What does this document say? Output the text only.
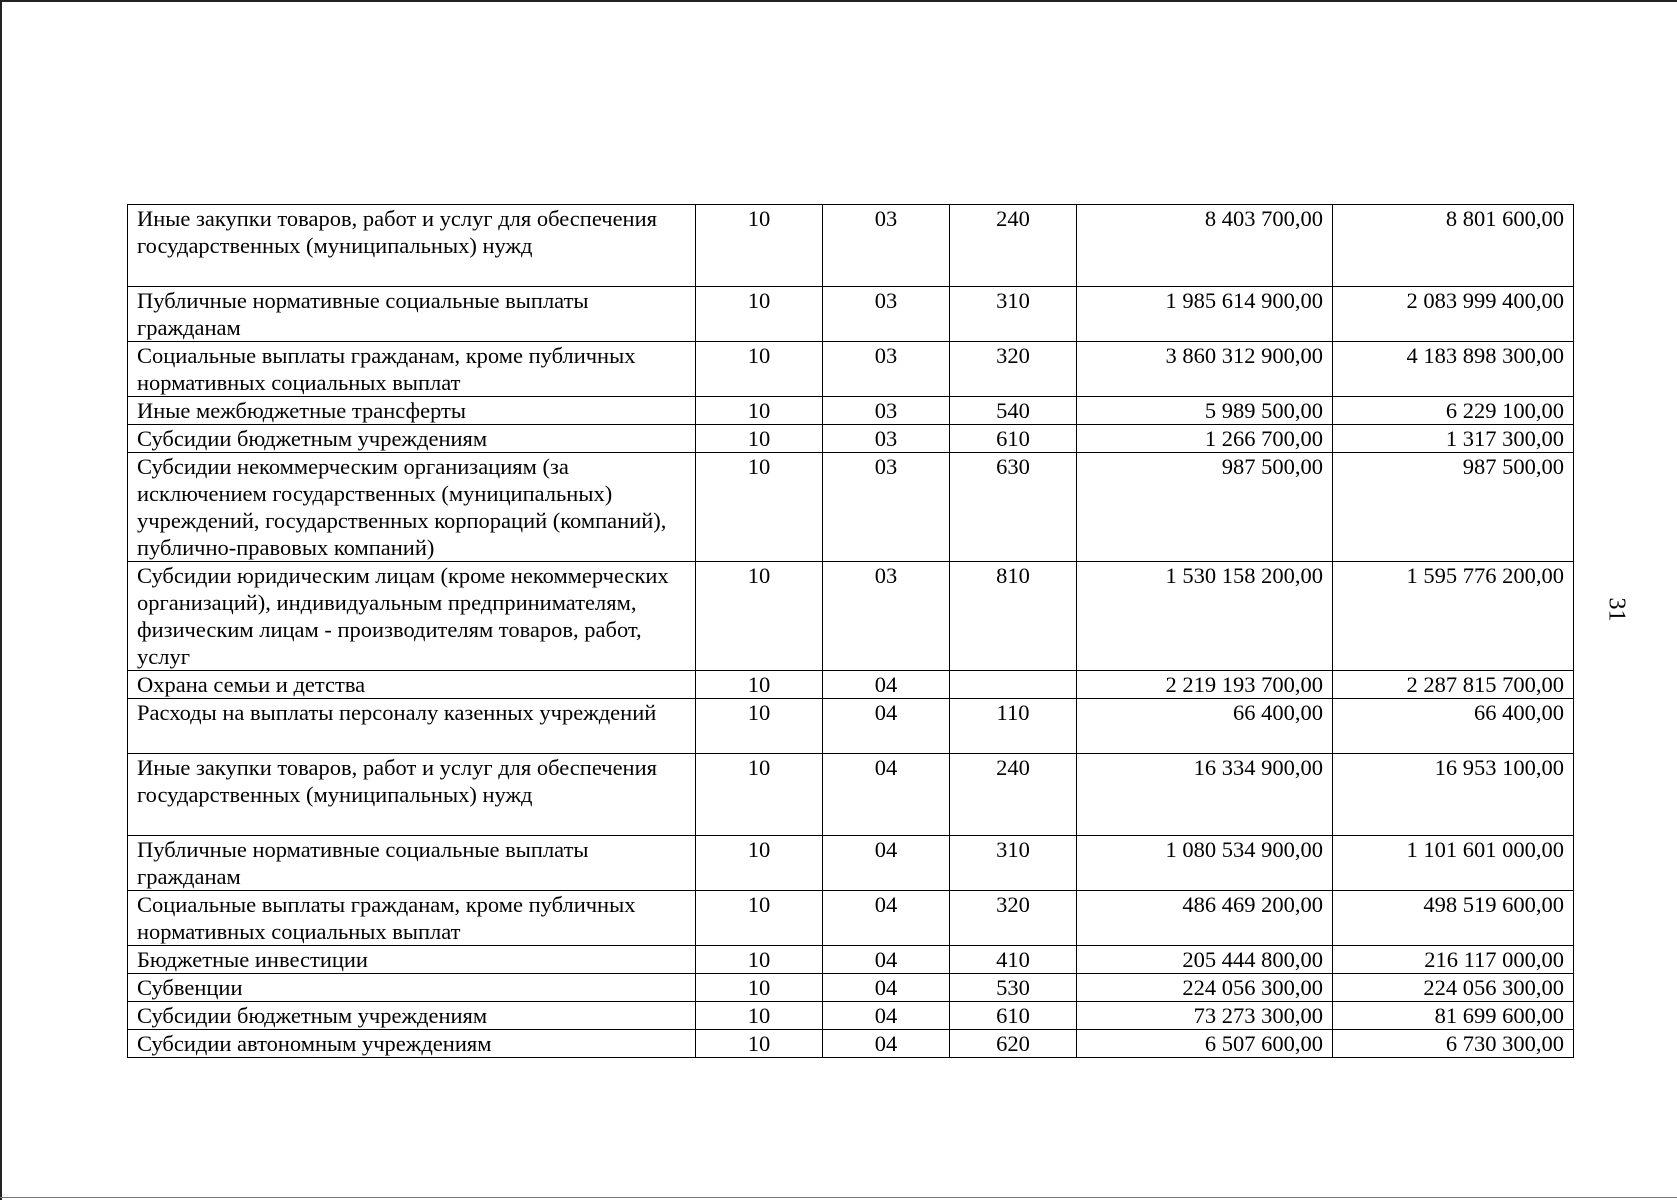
31
Иные закупки товаров, работ и услуг для обеспечения государственных (муниципальных) нужд	10	03	240	8 403 700,00	8 801 600,00
Публичные нормативные социальные выплаты гражданам	10	03	310	1 985 614 900,00	2 083 999 400,00
Социальные выплаты гражданам, кроме публичных нормативных социальных выплат	10	03	320	3 860 312 900,00	4 183 898 300,00
Иные межбюджетные трансферты	10	03	540	5 989 500,00	6 229 100,00
Субсидии бюджетным учреждениям	10	03	610	1 266 700,00	1 317 300,00
Субсидии некоммерческим организациям (за исключением государственных (муниципальных) учреждений, государственных корпораций (компаний), публично-правовых компаний)	10	03	630	987 500,00	987 500,00
Субсидии юридическим лицам (кроме некоммерческих организаций), индивидуальным предпринимателям, физическим лицам - производителям товаров, работ, услуг	10	03	810	1 530 158 200,00	1 595 776 200,00
Охрана семьи и детства	10	04		2 219 193 700,00	2 287 815 700,00
Расходы на выплаты персоналу казенных учреждений	10	04	110	66 400,00	66 400,00
Иные закупки товаров, работ и услуг для обеспечения государственных (муниципальных) нужд	10	04	240	16 334 900,00	16 953 100,00
Публичные нормативные социальные выплаты гражданам	10	04	310	1 080 534 900,00	1 101 601 000,00
Социальные выплаты гражданам, кроме публичных нормативных социальных выплат	10	04	320	486 469 200,00	498 519 600,00
Бюджетные инвестиции	10	04	410	205 444 800,00	216 117 000,00
Субвенции	10	04	530	224 056 300,00	224 056 300,00
Субсидии бюджетным учреждениям	10	04	610	73 273 300,00	81 699 600,00
Субсидии автономным учреждениям	10	04	620	6 507 600,00	6 730 300,00
